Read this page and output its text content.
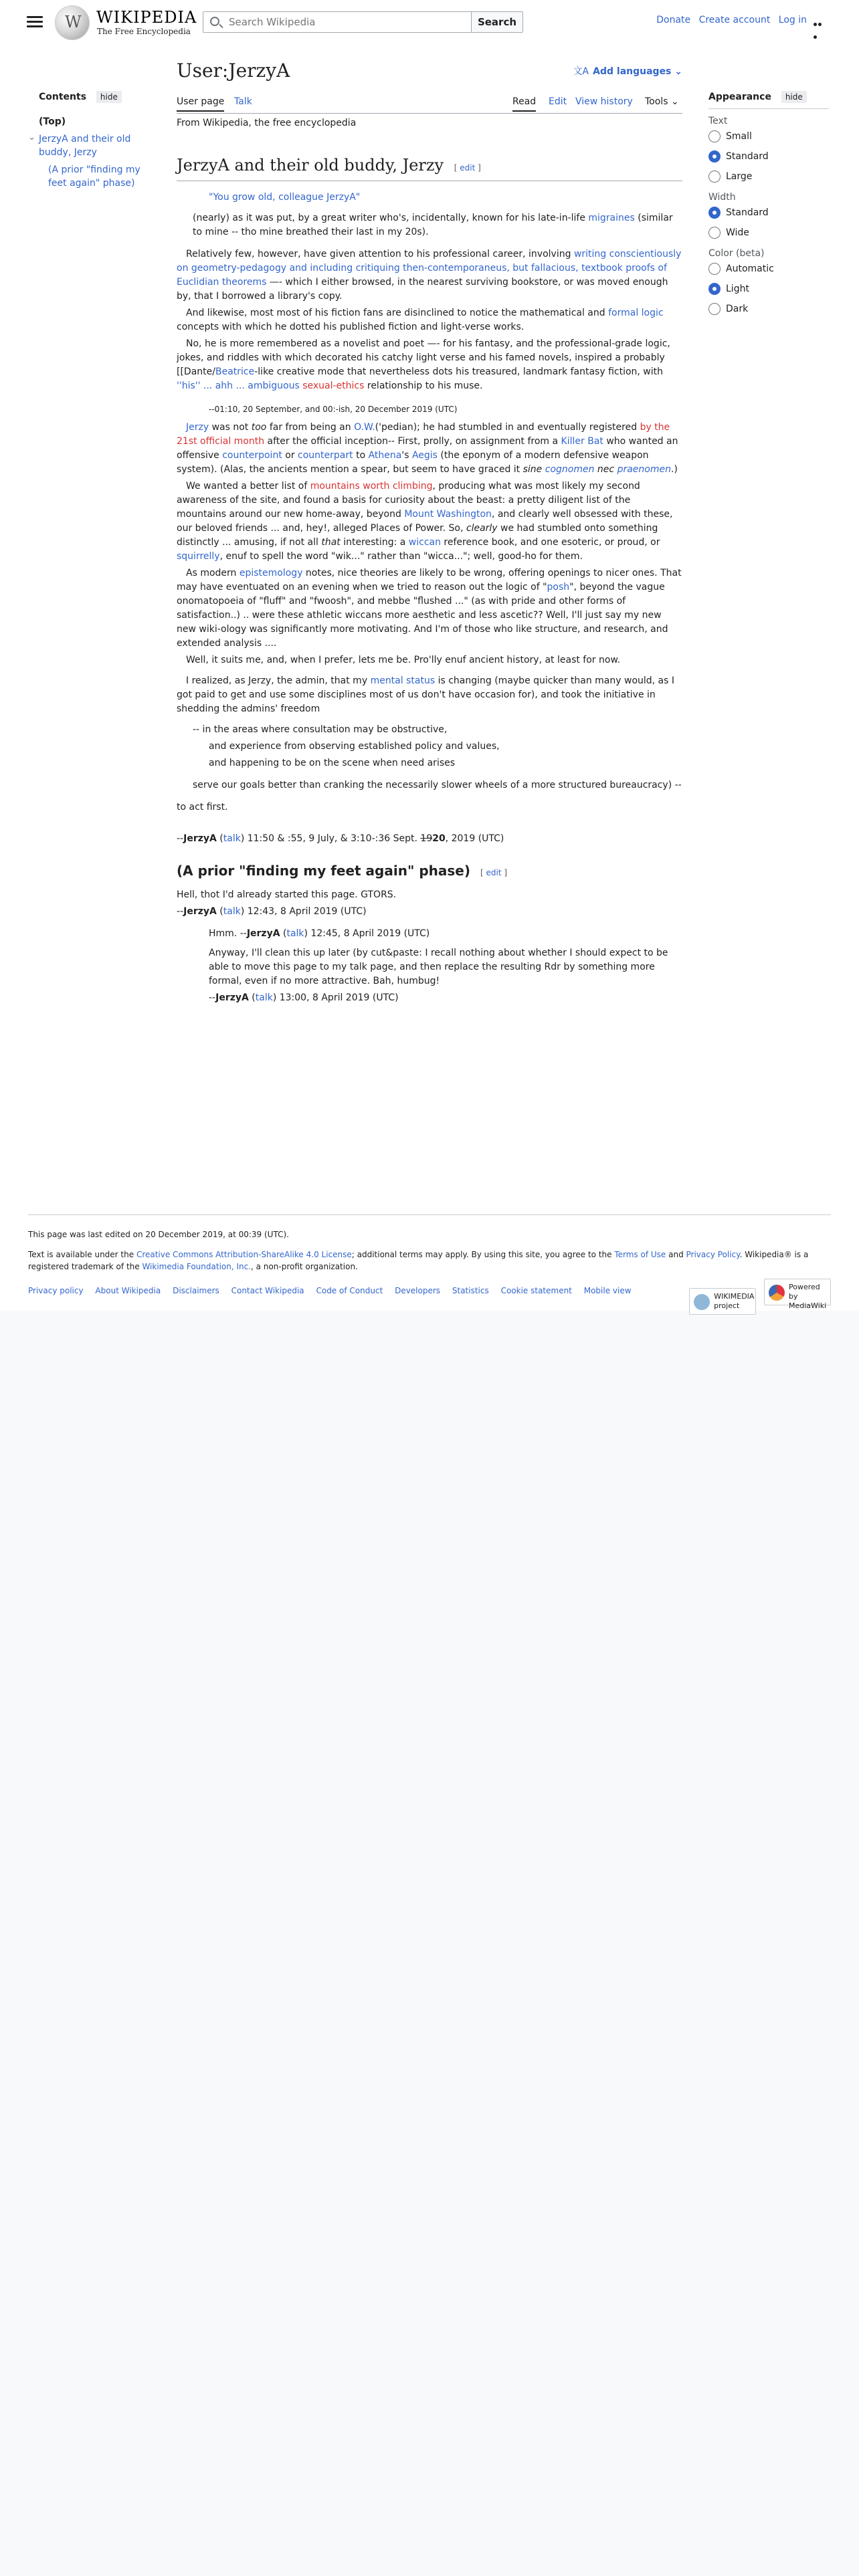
W
WIKIPEDIA
The Free Encyclopedia
Search Wikipedia
Search	Donate Create account Log in
Contents hide
(Top)
⌄ JerzyA and their old buddy, Jerzy
(A prior "finding my feet again" phase)
Appearance hide
Text
Small
Standard
Large
Width
Standard
Wide
Color (beta)
Automatic
Light
Dark
User:JerzyA	文A Add languages ⌄
User page Talk	Read Edit View history Tools ⌄
From Wikipedia, the free encyclopedia
JerzyA and their old buddy, Jerzy [ edit ]

"You grow old, colleague JerzyA"

(nearly) as it was put, by a great writer who's, incidentally, known for his late-in-life migraines (similar to mine -- tho mine breathed their last in my 20s).

Relatively few, however, have given attention to his professional career, involving writing conscientiously on geometry-pedagogy and including critiquing then-contemporaneus, but fallacious, textbook proofs of Euclidian theorems —- which I either browsed, in the nearest surviving bookstore, or was moved enough by, that I borrowed a library's copy.

And likewise, most most of his fiction fans are disinclined to notice the mathematical and formal logic concepts with which he dotted his published fiction and light-verse works.

No, he is more remembered as a novelist and poet —- for his fantasy, and the professional-grade logic, jokes, and riddles with which decorated his catchy light verse and his famed novels, inspired a probably [[Dante/Beatrice-like creative mode that nevertheless dots his treasured, landmark fantasy fiction, with ''his'' ... ahh ... ambiguous sexual-ethics relationship to his muse.

--01:10, 20 September, and 00:-ish, 20 December 2019 (UTC)

Jerzy was not too far from being an O.W.('pedian); he had stumbled in and eventually registered by the 21st official month after the official inception-- First, prolly, on assignment from a Killer Bat who wanted an offensive counterpoint or counterpart to Athena's Aegis (the eponym of a modern defensive weapon system). (Alas, the ancients mention a spear, but seem to have graced it sine cognomen nec praenomen.)

We wanted a better list of mountains worth climbing, producing what was most likely my second awareness of the site, and found a basis for curiosity about the beast: a pretty diligent list of the mountains around our new home-away, beyond Mount Washington, and clearly well obsessed with these, our beloved friends ... and, hey!, alleged Places of Power. So, clearly we had stumbled onto something distinctly ... amusing, if not all that interesting: a wiccan reference book, and one esoteric, or proud, or squirrelly, enuf to spell the word "wik..." rather than "wicca..."; well, good-ho for them.

As modern epistemology notes, nice theories are likely to be wrong, offering openings to nicer ones. That may have eventuated on an evening when we tried to reason out the logic of "posh", beyond the vague onomatopoeia of "fluff" and "fwoosh", and mebbe "flushed ..." (as with pride and other forms of satisfaction..) .. were these athletic wiccans more aesthetic and less ascetic?? Well, I'll just say my new new wiki-ology was significantly more motivating. And I'm of those who like structure, and research, and extended analysis ....

Well, it suits me, and, when I prefer, lets me be. Pro'lly enuf ancient history, at least for now.

I realized, as Jerzy, the admin, that my mental status is changing (maybe quicker than many would, as I got paid to get and use some disciplines most of us don't have occasion for), and took the initiative in shedding the admins' freedom

-- in the areas where consultation may be obstructive,

and experience from observing established policy and values,

and happening to be on the scene when need arises

serve our goals better than cranking the necessarily slower wheels of a more structured bureaucracy) --

to act first.

--JerzyA (talk) 11:50 & :55, 9 July, & 3:10-:36 Sept. 1920, 2019 (UTC)

(A prior "finding my feet again" phase) [ edit ]

Hell, thot I'd already started this page. GTORS.

--JerzyA (talk) 12:43, 8 April 2019 (UTC)

Hmm. --JerzyA (talk) 12:45, 8 April 2019 (UTC)

Anyway, I'll clean this up later (by cut&paste: I recall nothing about whether I should expect to be able to move this page to my talk page, and then replace the resulting Rdr by something more formal, even if no more attractive. Bah, humbug!

--JerzyA (talk) 13:00, 8 April 2019 (UTC)

This page was last edited on 20 December 2019, at 00:39 (UTC).

Text is available under the Creative Commons Attribution-ShareAlike 4.0 License; additional terms may apply. By using this site, you agree to the Terms of Use and Privacy Policy. Wikipedia® is a registered trademark of the Wikimedia Foundation, Inc., a non-profit organization.

Privacy policy About Wikipedia Disclaimers Contact Wikipedia Code of Conduct Developers Statistics Cookie statement Mobile view
WIKIMEDIA project Powered by MediaWiki
